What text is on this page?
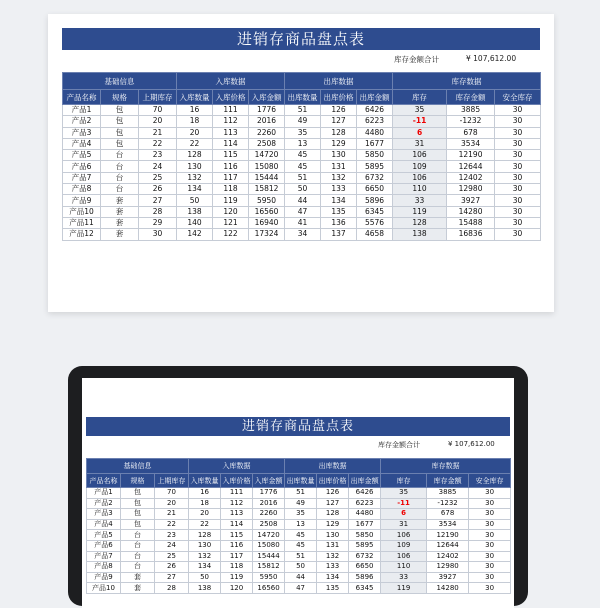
进销存商品盘点表
库存金额合计	¥ 107,612.00
基础信息			入库数据			出库数据			库存数据		
产品名称	规格	上期库存	入库数量	入库价格	入库金额	出库数量	出库价格	出库金额	库存	库存金额	安全库存
产品1	包	70	16	111	1776	51	126	6426	35	3885	30
产品2	包	20	18	112	2016	49	127	6223	-11	-1232	30
产品3	包	21	20	113	2260	35	128	4480	6	678	30
产品4	包	22	22	114	2508	13	129	1677	31	3534	30
产品5	台	23	128	115	14720	45	130	5850	106	12190	30
产品6	台	24	130	116	15080	45	131	5895	109	12644	30
产品7	台	25	132	117	15444	51	132	6732	106	12402	30
产品8	台	26	134	118	15812	50	133	6650	110	12980	30
产品9	套	27	50	119	5950	44	134	5896	33	3927	30
产品10	套	28	138	120	16560	47	135	6345	119	14280	30
产品11	套	29	140	121	16940	41	136	5576	128	15488	30
产品12	套	30	142	122	17324	34	137	4658	138	16836	30
进销存商品盘点表
库存金额合计	¥ 107,612.00
基础信息			入库数据			出库数据			库存数据		
产品名称	规格	上期库存	入库数量	入库价格	入库金额	出库数量	出库价格	出库金额	库存	库存金额	安全库存
产品1	包	70	16	111	1776	51	126	6426	35	3885	30
产品2	包	20	18	112	2016	49	127	6223	-11	-1232	30
产品3	包	21	20	113	2260	35	128	4480	6	678	30
产品4	包	22	22	114	2508	13	129	1677	31	3534	30
产品5	台	23	128	115	14720	45	130	5850	106	12190	30
产品6	台	24	130	116	15080	45	131	5895	109	12644	30
产品7	台	25	132	117	15444	51	132	6732	106	12402	30
产品8	台	26	134	118	15812	50	133	6650	110	12980	30
产品9	套	27	50	119	5950	44	134	5896	33	3927	30
产品10	套	28	138	120	16560	47	135	6345	119	14280	30
